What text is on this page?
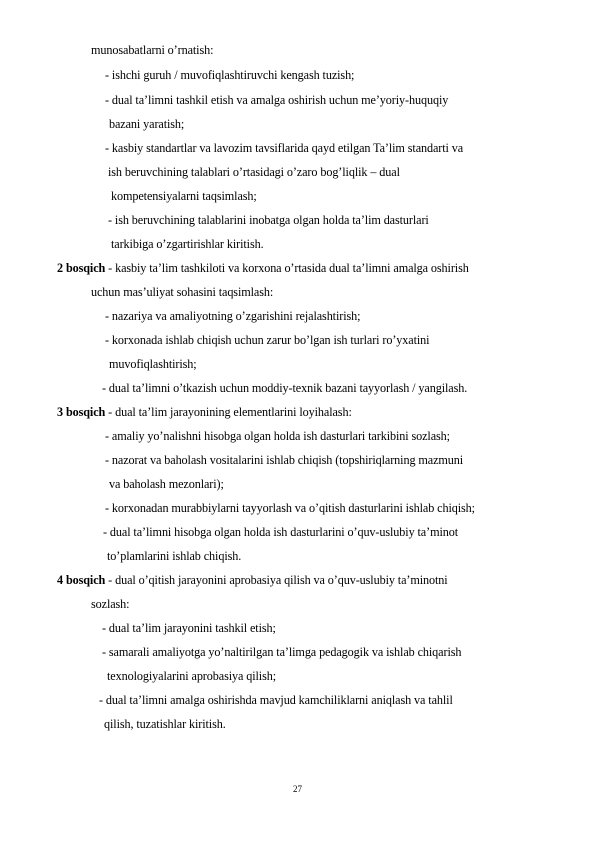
munosabatlarni o’rnatish:
- ishchi guruh / muvofiqlashtiruvchi kengash tuzish;
- dual ta’limni tashkil etish va amalga oshirish uchun me’yoriy-huquqiy
bazani yaratish;
- kasbiy standartlar va lavozim tavsiflarida qayd etilgan Ta’lim standarti va
ish beruvchining talablari o’rtasidagi o’zaro bog’liqlik – dual
kompetensiyalarni taqsimlash;
- ish beruvchining talablarini inobatga olgan holda ta’lim dasturlari
tarkibiga o’zgartirishlar kiritish.
2 bosqich - kasbiy ta’lim tashkiloti va korxona o’rtasida dual ta’limni amalga oshirish
uchun mas’uliyat sohasini taqsimlash:
- nazariya va amaliyotning o’zgarishini rejalashtirish;
- korxonada ishlab chiqish uchun zarur bo’lgan ish turlari ro’yxatini
muvofiqlashtirish;
- dual ta’limni o’tkazish uchun moddiy-texnik bazani tayyorlash / yangilash.
3 bosqich - dual ta’lim jarayonining elementlarini loyihalash:
- amaliy yo’nalishni hisobga olgan holda ish dasturlari tarkibini sozlash;
- nazorat va baholash vositalarini ishlab chiqish (topshiriqlarning mazmuni
va baholash mezonlari);
- korxonadan murabbiylarni tayyorlash va o’qitish dasturlarini ishlab chiqish;
- dual ta’limni hisobga olgan holda ish dasturlarini o’quv-uslubiy ta’minot
to’plamlarini ishlab chiqish.
4 bosqich - dual o’qitish jarayonini aprobasiya qilish va o’quv-uslubiy ta’minotni
sozlash:
- dual ta’lim jarayonini tashkil etish;
- samarali amaliyotga yo’naltirilgan ta’limga pedagogik va ishlab chiqarish
texnologiyalarini aprobasiya qilish;
- dual ta’limni amalga oshirishda mavjud kamchiliklarni aniqlash va tahlil
qilish, tuzatishlar kiritish.
27
